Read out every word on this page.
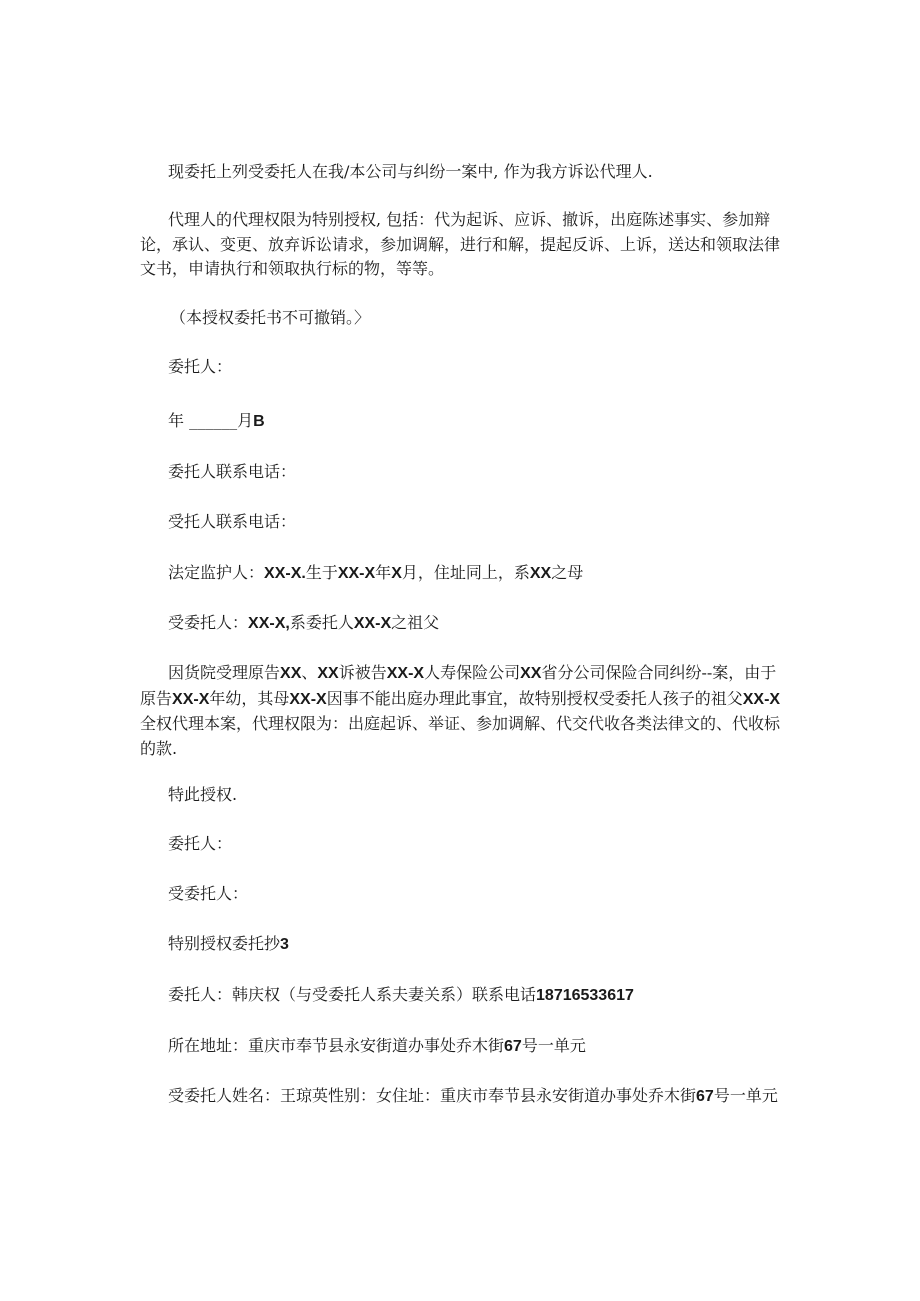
现委托上列受委托人在我/本公司与纠纷一案中, 作为我方诉讼代理人.

代理人的代理权限为特别授权, 包括：代为起诉、应诉、撤诉，出庭陈述事实、参加辩论，承认、变更、放弃诉讼请求，参加调解，进行和解，提起反诉、上诉，送达和领取法律文书，申请执行和领取执行标的物，等等。

（本授权委托书不可撤销。〉

委托人：

年 ______月B

委托人联系电话：

受托人联系电话：

法定监护人：XX-X.生于XX-X年X月，住址同上，系XX之母

受委托人：XX-X,系委托人XX-X之祖父

因货院受理原告XX、XX诉被告XX-X人寿保险公司XX省分公司保险合同纠纷--案，由于原告XX-X年幼，其母XX-X因事不能出庭办理此事宜，故特别授权受委托人孩子的祖父XX-X全权代理本案，代理权限为：出庭起诉、举证、参加调解、代交代收各类法律文的、代收标的款.

特此授权.

委托人：

受委托人：

特别授权委托抄3

委托人：韩庆权（与受委托人系夫妻关系）联系电话18716533617

所在地址：重庆市奉节县永安街道办事处乔木街67号一单元

受委托人姓名：王琼英性别：女住址：重庆市奉节县永安街道办事处乔木街67号一单元
